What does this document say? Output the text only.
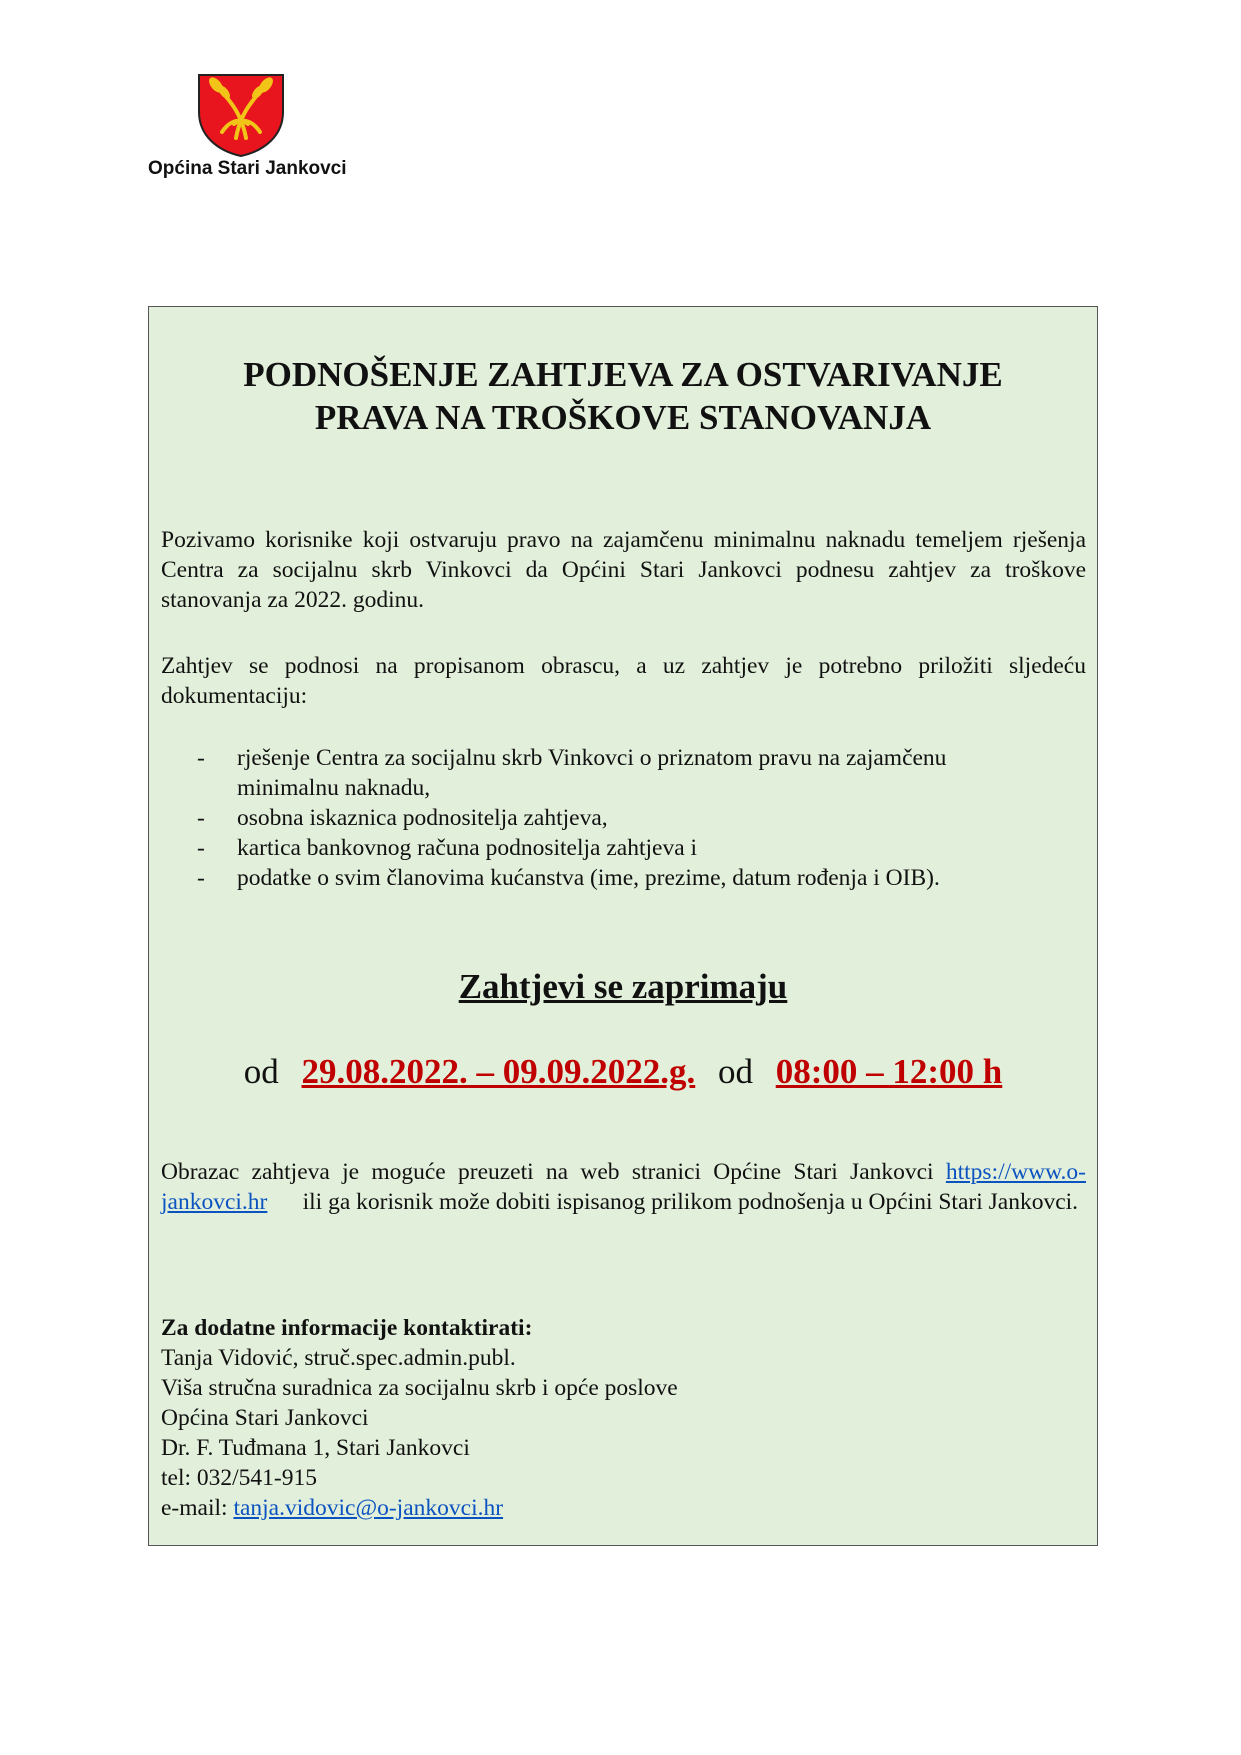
Općina Stari Jankovci
PODNOŠENJE ZAHTJEVA ZA OSTVARIVANJE
PRAVA NA TROŠKOVE STANOVANJA
Pozivamo korisnike koji ostvaruju pravo na zajamčenu minimalnu naknadu temeljem rješenja Centra za socijalnu skrb Vinkovci da Općini Stari Jankovci podnesu zahtjev za troškove stanovanja za 2022. godinu.
Zahtjev se podnosi na propisanom obrascu, a uz zahtjev je potrebno priložiti sljedeću dokumentaciju:
- rješenje Centra za socijalnu skrb Vinkovci o priznatom pravu na zajamčenu minimalnu naknadu,
- osobna iskaznica podnositelja zahtjeva,
- kartica bankovnog računa podnositelja zahtjeva i
- podatke o svim članovima kućanstva (ime, prezime, datum rođenja i OIB).
Zahtjevi se zaprimaju
od 29.08.2022. – 09.09.2022.g. od 08:00 – 12:00 h
Obrazac zahtjeva je moguće preuzeti na web stranici Općine Stari Jankovci https://www.o-jankovci.hr ili ga korisnik može dobiti ispisanog prilikom podnošenja u Općini Stari Jankovci.
Za dodatne informacije kontaktirati:
Tanja Vidović, struč.spec.admin.publ.
Viša stručna suradnica za socijalnu skrb i opće poslove
Općina Stari Jankovci
Dr. F. Tuđmana 1, Stari Jankovci
tel: 032/541-915
e-mail: tanja.vidovic@o-jankovci.hr
